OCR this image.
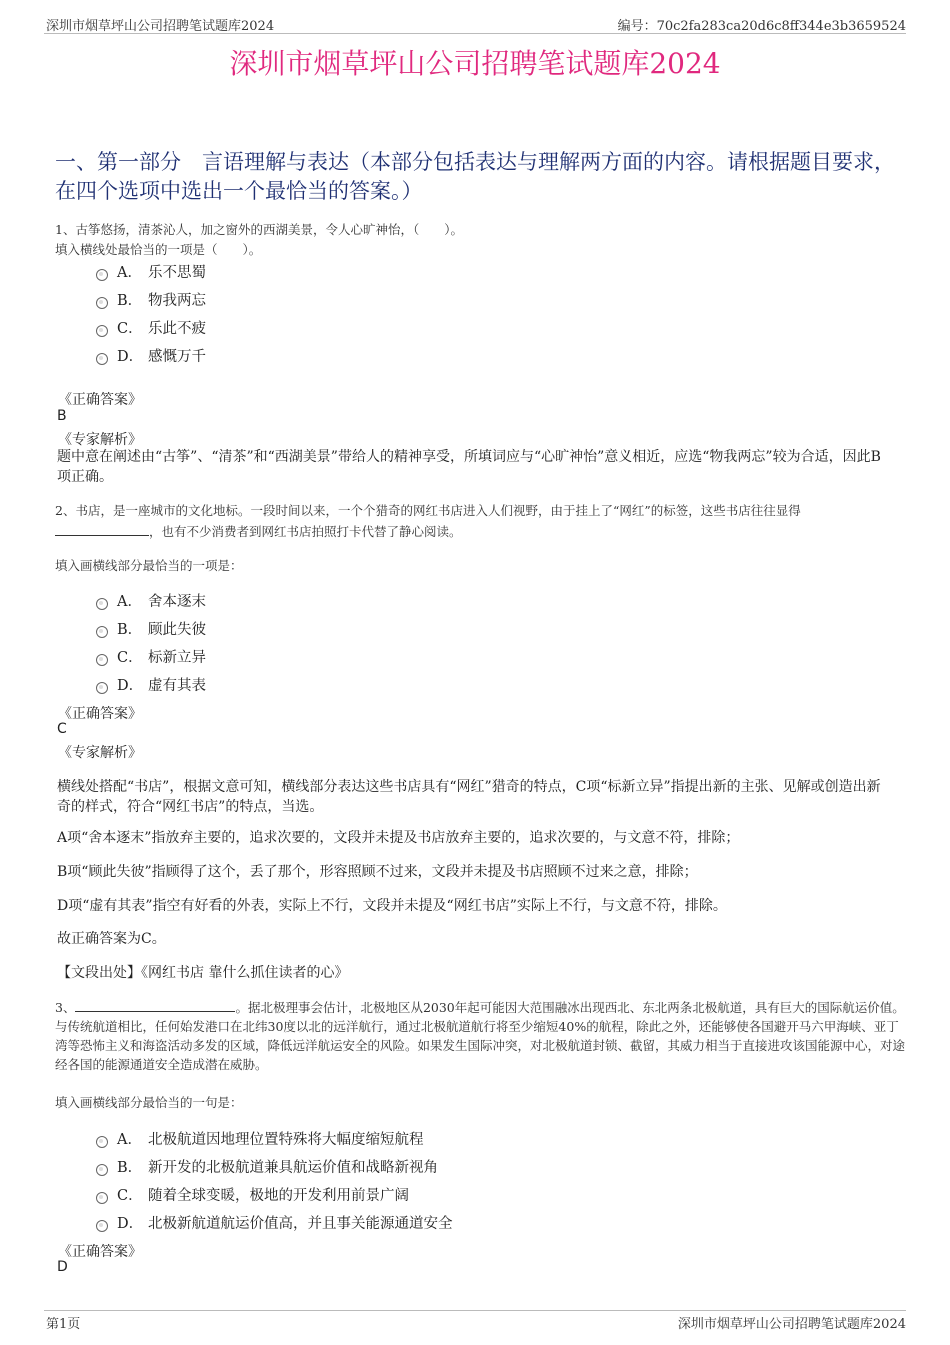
深圳市烟草坪山公司招聘笔试题库2024	编号：70c2fa283ca20d6c8ff344e3b3659524
深圳市烟草坪山公司招聘笔试题库2024
一、第一部分　言语理解与表达（本部分包括表达与理解两方面的内容。请根据题目要求，在四个选项中选出一个最恰当的答案。）
1、古筝悠扬，清茶沁人，加之窗外的西湖美景，令人心旷神怡，（　　）。
填入横线处最恰当的一项是（　　）。
A． 乐不思蜀
B． 物我两忘
C． 乐此不疲
D． 感慨万千
《正确答案》
B
《专家解析》
题中意在阐述由“古筝”、“清茶”和“西湖美景”带给人的精神享受，所填词应与“心旷神怡”意义相近，应选“物我两忘”较为合适，因此B项正确。
2、书店，是一座城市的文化地标。一段时间以来，一个个猎奇的网红书店进入人们视野，由于挂上了“网红”的标签，这些书店往往显得
，也有不少消费者到网红书店拍照打卡代替了静心阅读。
填入画横线部分最恰当的一项是：
A． 舍本逐末
B． 顾此失彼
C． 标新立异
D． 虚有其表
《正确答案》
C
《专家解析》
横线处搭配“书店”，根据文意可知，横线部分表达这些书店具有“网红”猎奇的特点，C项“标新立异”指提出新的主张、见解或创造出新奇的样式，符合“网红书店”的特点，当选。
A项“舍本逐末”指放弃主要的，追求次要的，文段并未提及书店放弃主要的，追求次要的，与文意不符，排除；
B项“顾此失彼”指顾得了这个，丢了那个，形容照顾不过来，文段并未提及书店照顾不过来之意，排除；
D项“虚有其表”指空有好看的外表，实际上不行，文段并未提及“网红书店”实际上不行，与文意不符，排除。
故正确答案为C。
【文段出处】《网红书店 靠什么抓住读者的心》
3、	。据北极理事会估计，北极地区从2030年起可能因大范围融冰出现西北、东北两条北极航道，具有巨大的国际航运价值。与传统航道相比，任何始发港口在北纬30度以北的远洋航行，通过北极航道航行将至少缩短40%的航程，除此之外，还能够使各国避开马六甲海峡、亚丁湾等恐怖主义和海盗活动多发的区域，降低远洋航运安全的风险。如果发生国际冲突，对北极航道封锁、截留，其威力相当于直接进攻该国能源中心，对途经各国的能源通道安全造成潜在威胁。
填入画横线部分最恰当的一句是：
A． 北极航道因地理位置特殊将大幅度缩短航程
B． 新开发的北极航道兼具航运价值和战略新视角
C． 随着全球变暖，极地的开发利用前景广阔
D． 北极新航道航运价值高，并且事关能源通道安全
《正确答案》
D
第1页	深圳市烟草坪山公司招聘笔试题库2024
